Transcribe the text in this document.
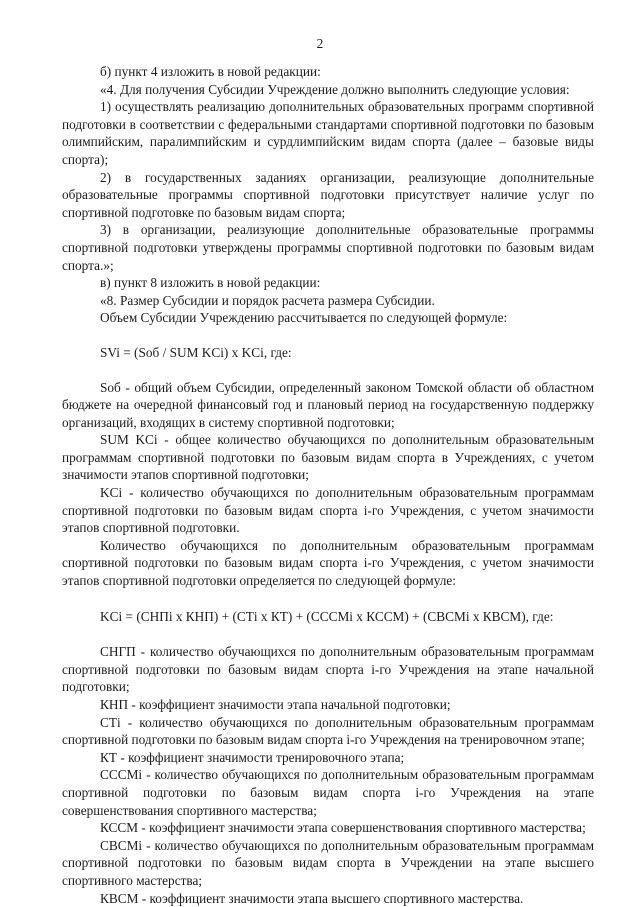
2

б) пункт 4 изложить в новой редакции:

«4. Для получения Субсидии Учреждение должно выполнить следующие условия:

1) осуществлять реализацию дополнительных образовательных программ спортивной подготовки в соответствии с федеральными стандартами спортивной подготовки по базовым олимпийским, паралимпийским и сурдлимпийским видам спорта (далее – базовые виды спорта);

2) в государственных заданиях организации, реализующие дополнительные образовательные программы спортивной подготовки присутствует наличие услуг по спортивной подготовке по базовым видам спорта;

3) в организации, реализующие дополнительные образовательные программы спортивной подготовки утверждены программы спортивной подготовки по базовым видам спорта.»;

в) пункт 8 изложить в новой редакции:

«8. Размер Субсидии и порядок расчета размера Субсидии.

Объем Субсидии Учреждению рассчитывается по следующей формуле:

SVi = (Sоб / SUM KCi) x KCi, где:

Sоб - общий объем Субсидии, определенный законом Томской области об областном бюджете на очередной финансовый год и плановый период на государственную поддержку организаций, входящих в систему спортивной подготовки;

SUM KCi - общее количество обучающихся по дополнительным образовательным программам спортивной подготовки по базовым видам спорта в Учреждениях, с учетом значимости этапов спортивной подготовки;

KCi - количество обучающихся по дополнительным образовательным программам спортивной подготовки по базовым видам спорта i-го Учреждения, с учетом значимости этапов спортивной подготовки.

Количество обучающихся по дополнительным образовательным программам спортивной подготовки по базовым видам спорта i-го Учреждения, с учетом значимости этапов спортивной подготовки определяется по следующей формуле:

KCi = (СНПi x КНП) + (СТi x КТ) + (СССМi x КССМ) + (СВСМi x КВСМ), где:

СНГП - количество обучающихся по дополнительным образовательным программам спортивной подготовки по базовым видам спорта i-го Учреждения на этапе начальной подготовки;

КНП - коэффициент значимости этапа начальной подготовки;

СТi - количество обучающихся по дополнительным образовательным программам спортивной подготовки по базовым видам спорта i-го Учреждения на тренировочном этапе;

КТ - коэффициент значимости тренировочного этапа;

СССМi - количество обучающихся по дополнительным образовательным программам спортивной подготовки по базовым видам спорта i-го Учреждения на этапе совершенствования спортивного мастерства;

КССМ - коэффициент значимости этапа совершенствования спортивного мастерства;

СВСМi - количество обучающихся по дополнительным образовательным программам спортивной подготовки по базовым видам спорта в Учреждении на этапе высшего спортивного мастерства;

КВСМ - коэффициент значимости этапа высшего спортивного мастерства.
